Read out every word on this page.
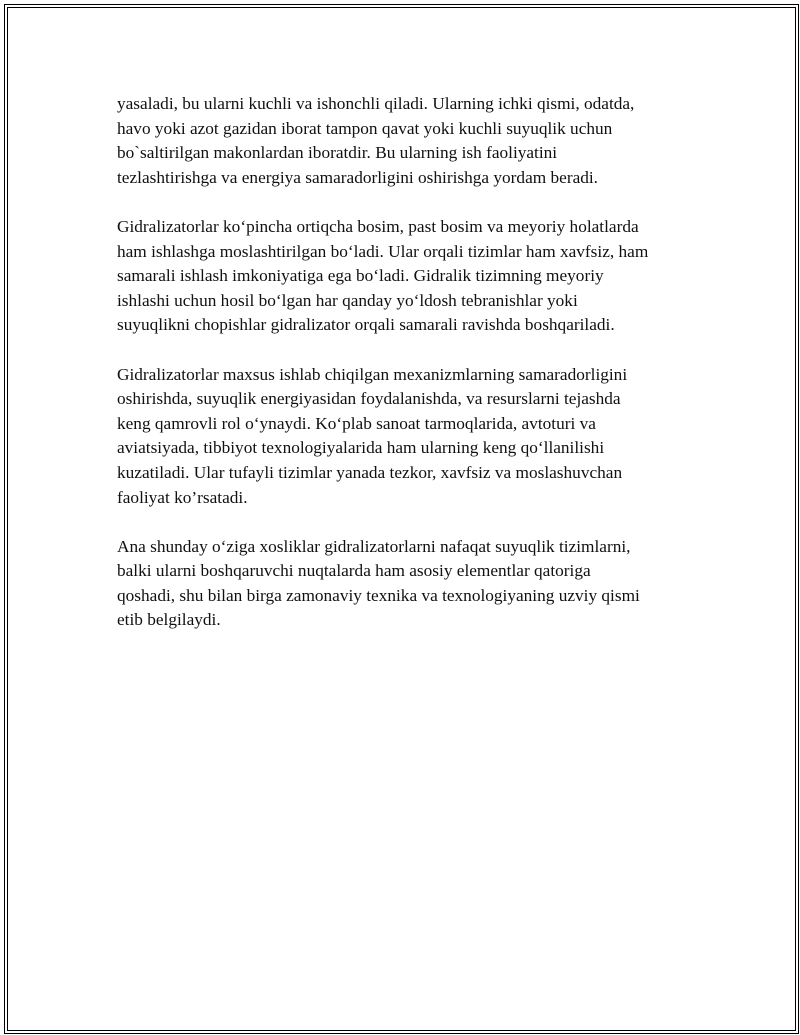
yasaladi, bu ularni kuchli va ishonchli qiladi. Ularning ichki qismi, odatda,
havo yoki azot gazidan iborat tampon qavat yoki kuchli suyuqlik uchun
bo`saltirilgan makonlardan iboratdir. Bu ularning ish faoliyatini
tezlashtirishga va energiya samaradorligini oshirishga yordam beradi.

Gidralizatorlar koʻpincha ortiqcha bosim, past bosim va meyoriy holatlarda
ham ishlashga moslashtirilgan boʻladi. Ular orqali tizimlar ham xavfsiz, ham
samarali ishlash imkoniyatiga ega boʻladi. Gidralik tizimning meyoriy
ishlashi uchun hosil boʻlgan har qanday yoʻldosh tebranishlar yoki
suyuqlikni chopishlar gidralizator orqali samarali ravishda boshqariladi.

Gidralizatorlar maxsus ishlab chiqilgan mexanizmlarning samaradorligini
oshirishda, suyuqlik energiyasidan foydalanishda, va resurslarni tejashda
keng qamrovli rol oʻynaydi. Koʻplab sanoat tarmoqlarida, avtoturi va
aviatsiyada, tibbiyot texnologiyalarida ham ularning keng qoʻllanilishi
kuzatiladi. Ular tufayli tizimlar yanada tezkor, xavfsiz va moslashuvchan
faoliyat ko’rsatadi.

Ana shunday oʻziga xosliklar gidralizatorlarni nafaqat suyuqlik tizimlarni,
balki ularni boshqaruvchi nuqtalarda ham asosiy elementlar qatoriga
qoshadi, shu bilan birga zamonaviy texnika va texnologiyaning uzviy qismi
etib belgilaydi.
